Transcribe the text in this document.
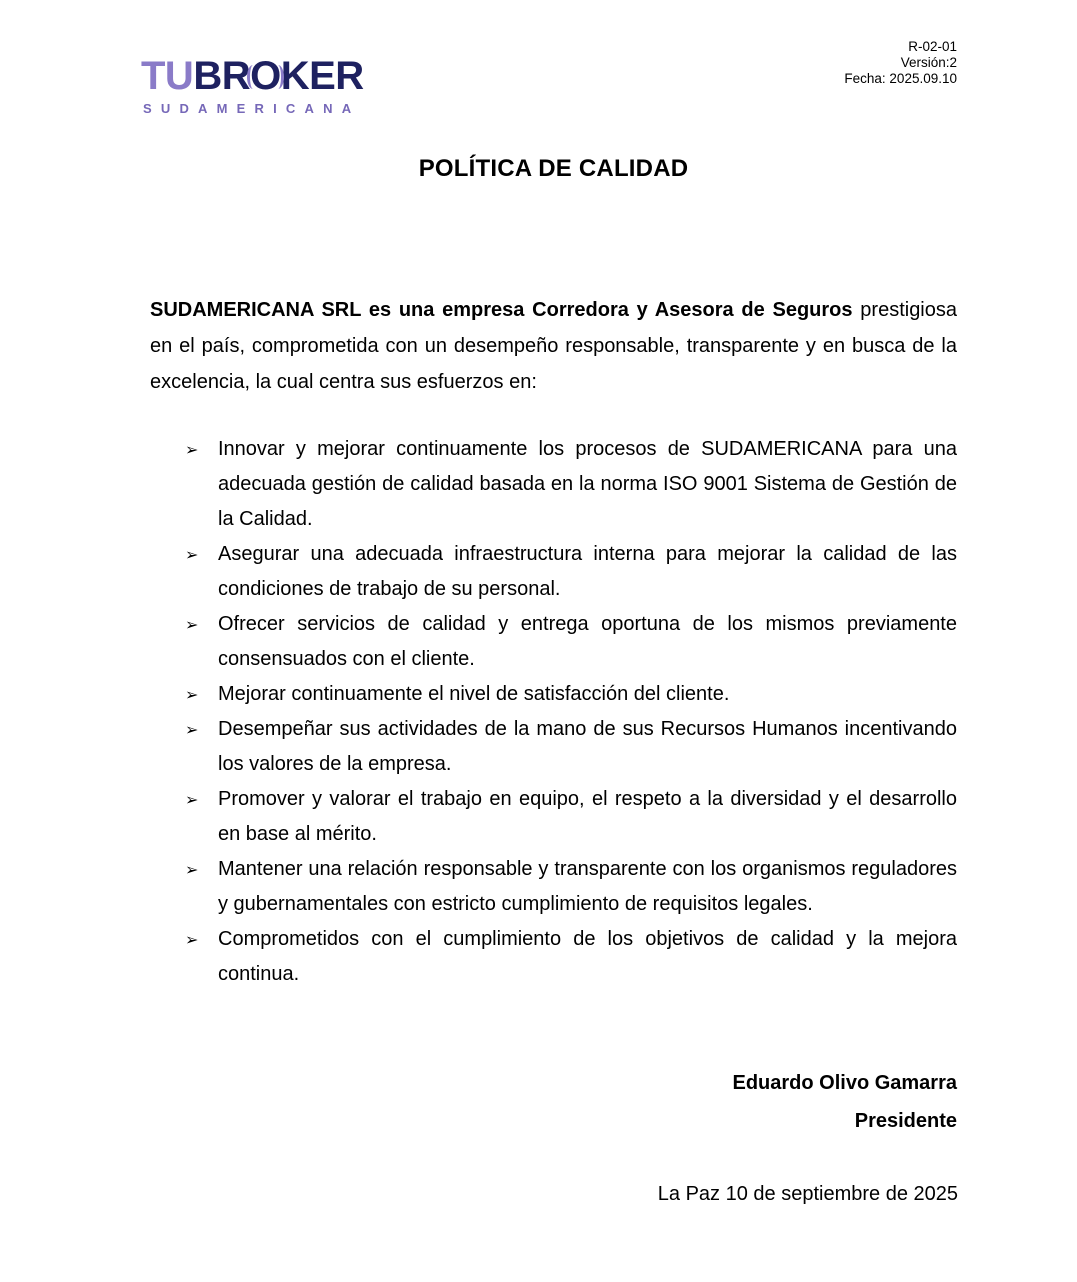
TUBROKER
SUDAMERICANA
R-02-01
Versión:2
Fecha: 2025.09.10
POLÍTICA DE CALIDAD

SUDAMERICANA SRL es una empresa Corredora y Asesora de Seguros prestigiosa en el país, comprometida con un desempeño responsable, transparente y en busca de la excelencia, la cual centra sus esfuerzos en:

➢ Innovar y mejorar continuamente los procesos de SUDAMERICANA para una adecuada gestión de calidad basada en la norma ISO 9001 Sistema de Gestión de la Calidad.
➢ Asegurar una adecuada infraestructura interna para mejorar la calidad de las condiciones de trabajo de su personal.
➢ Ofrecer servicios de calidad y entrega oportuna de los mismos previamente consensuados con el cliente.
➢ Mejorar continuamente el nivel de satisfacción del cliente.
➢ Desempeñar sus actividades de la mano de sus Recursos Humanos incentivando los valores de la empresa.
➢ Promover y valorar el trabajo en equipo, el respeto a la diversidad y el desarrollo en base al mérito.
➢ Mantener una relación responsable y transparente con los organismos reguladores y gubernamentales con estricto cumplimiento de requisitos legales.
➢ Comprometidos con el cumplimiento de los objetivos de calidad y la mejora continua.
Eduardo Olivo Gamarra
Presidente
La Paz 10 de septiembre de 2025
